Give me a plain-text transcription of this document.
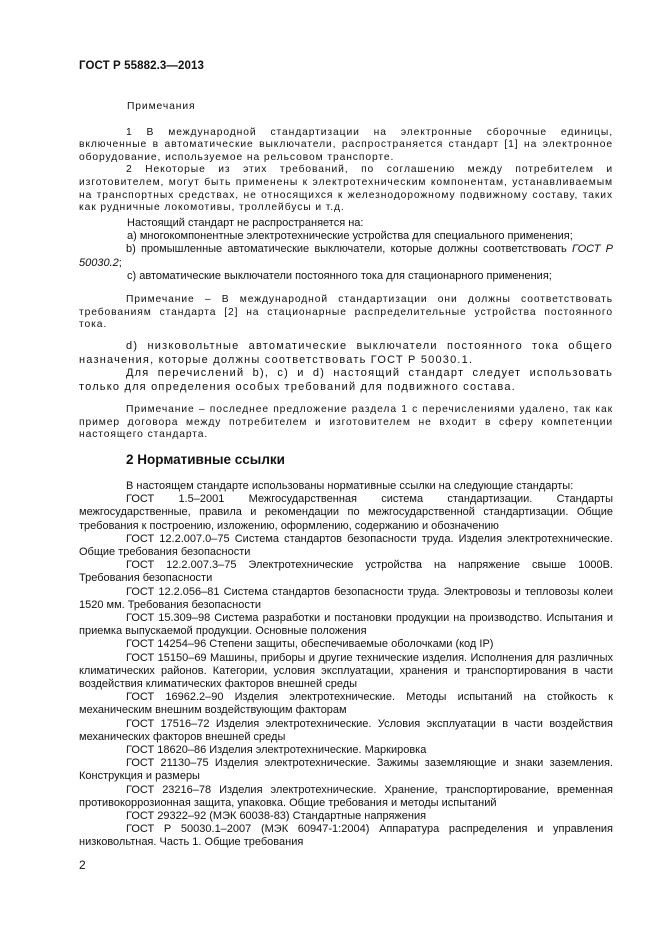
ГОСТ Р 55882.3—2013

Примечания

1 В международной стандартизации на электронные сборочные единицы, включенные в автоматические выключатели, распространяется стандарт [1] на электронное оборудование, используемое на рельсовом транспорте.

2 Некоторые из этих требований, по соглашению между потребителем и изготовителем, могут быть применены к электротехническим компонентам, устанавливаемым на транспортных средствах, не относящихся к железнодорожному подвижному составу, таких как рудничные локомотивы, троллейбусы и т.д.

Настоящий стандарт не распространяется на:

а) многокомпонентные электротехнические устройства для специального применения;

b) промышленные автоматические выключатели, которые должны соответствовать ГОСТ Р 50030.2;

с) автоматические выключатели постоянного тока для стационарного применения;

Примечание – В международной стандартизации они должны соответствовать требованиям стандарта [2] на стационарные распределительные устройства постоянного тока.

d) низковольтные автоматические выключатели постоянного тока общего назначения, которые должны соответствовать ГОСТ Р 50030.1.

Для перечислений b), с) и d) настоящий стандарт следует использовать только для определения особых требований для подвижного состава.

Примечание – последнее предложение раздела 1 с перечислениями удалено, так как пример договора между потребителем и изготовителем не входит в сферу компетенции настоящего стандарта.

2 Нормативные ссылки

В настоящем стандарте использованы нормативные ссылки на следующие стандарты:

ГОСТ 1.5–2001 Межгосударственная система стандартизации. Стандарты межгосударственные, правила и рекомендации по межгосударственной стандартизации. Общие требования к построению, изложению, оформлению, содержанию и обозначению

ГОСТ 12.2.007.0–75 Система стандартов безопасности труда. Изделия электротехнические. Общие требования безопасности

ГОСТ 12.2.007.3–75 Электротехнические устройства на напряжение свыше 1000В. Требования безопасности

ГОСТ 12.2.056–81 Система стандартов безопасности труда. Электровозы и тепловозы колеи 1520 мм. Требования безопасности

ГОСТ 15.309–98 Система разработки и постановки продукции на производство. Испытания и приемка выпускаемой продукции. Основные положения

ГОСТ 14254–96 Степени защиты, обеспечиваемые оболочками (код IP)

ГОСТ 15150–69 Машины, приборы и другие технические изделия. Исполнения для различных климатических районов. Категории, условия эксплуатации, хранения и транспортирования в части воздействия климатических факторов внешней среды

ГОСТ 16962.2–90 Изделия электротехнические. Методы испытаний на стойкость к механическим внешним воздействующим факторам

ГОСТ 17516–72 Изделия электротехнические. Условия эксплуатации в части воздействия механических факторов внешней среды

ГОСТ 18620–86 Изделия электротехнические. Маркировка

ГОСТ 21130–75 Изделия электротехнические. Зажимы заземляющие и знаки заземления. Конструкция и размеры

ГОСТ 23216–78 Изделия электротехнические. Хранение, транспортирование, временная противокоррозионная защита, упаковка. Общие требования и методы испытаний

ГОСТ 29322–92 (МЭК 60038-83) Стандартные напряжения

ГОСТ Р 50030.1–2007 (МЭК 60947-1:2004) Аппаратура распределения и управления низковольтная. Часть 1. Общие требования

2
